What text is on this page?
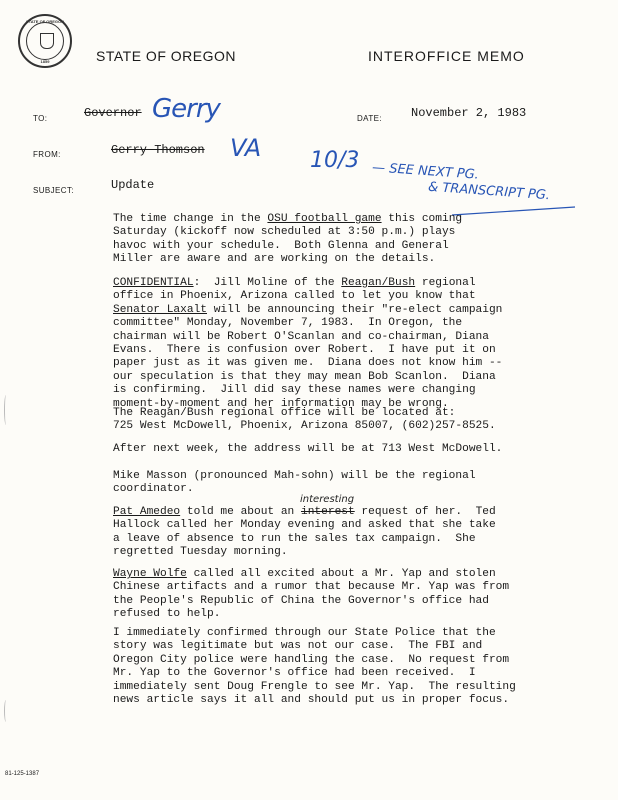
STATE OF OREGON
1859	STATE OF OREGON	INTEROFFICE MEMO
TO:	Governor Gerry	DATE: November 2, 1983
FROM:	Gerry Thomson VA 10/3 — SEE NEXT PG.
& TRANSCRIPT PG.
SUBJECT:	Update
The time change in the OSU football game this coming
Saturday (kickoff now scheduled at 3:50 p.m.) plays
havoc with your schedule.  Both Glenna and General
Miller are aware and are working on the details.
CONFIDENTIAL:  Jill Moline of the Reagan/Bush regional
office in Phoenix, Arizona called to let you know that
Senator Laxalt will be announcing their "re-elect campaign
committee" Monday, November 7, 1983.  In Oregon, the
chairman will be Robert O'Scanlan and co-chairman, Diana
Evans.  There is confusion over Robert.  I have put it on
paper just as it was given me.  Diana does not know him --
our speculation is that they may mean Bob Scanlon.  Diana
is confirming.  Jill did say these names were changing
moment-by-moment and her information may be wrong.
The Reagan/Bush regional office will be located at:
725 West McDowell, Phoenix, Arizona 85007, (602)257-8525.
After next week, the address will be at 713 West McDowell.
Mike Masson (pronounced Mah-sohn) will be the regional
coordinator.
interesting
Pat Amedeo told me about an interest request of her.  Ted
Hallock called her Monday evening and asked that she take
a leave of absence to run the sales tax campaign.  She
regretted Tuesday morning.
Wayne Wolfe called all excited about a Mr. Yap and stolen
Chinese artifacts and a rumor that because Mr. Yap was from
the People's Republic of China the Governor's office had
refused to help.
I immediately confirmed through our State Police that the
story was legitimate but was not our case.  The FBI and
Oregon City police were handling the case.  No request from
Mr. Yap to the Governor's office had been received.  I
immediately sent Doug Frengle to see Mr. Yap.  The resulting
news article says it all and should put us in proper focus.
81-125-1387
